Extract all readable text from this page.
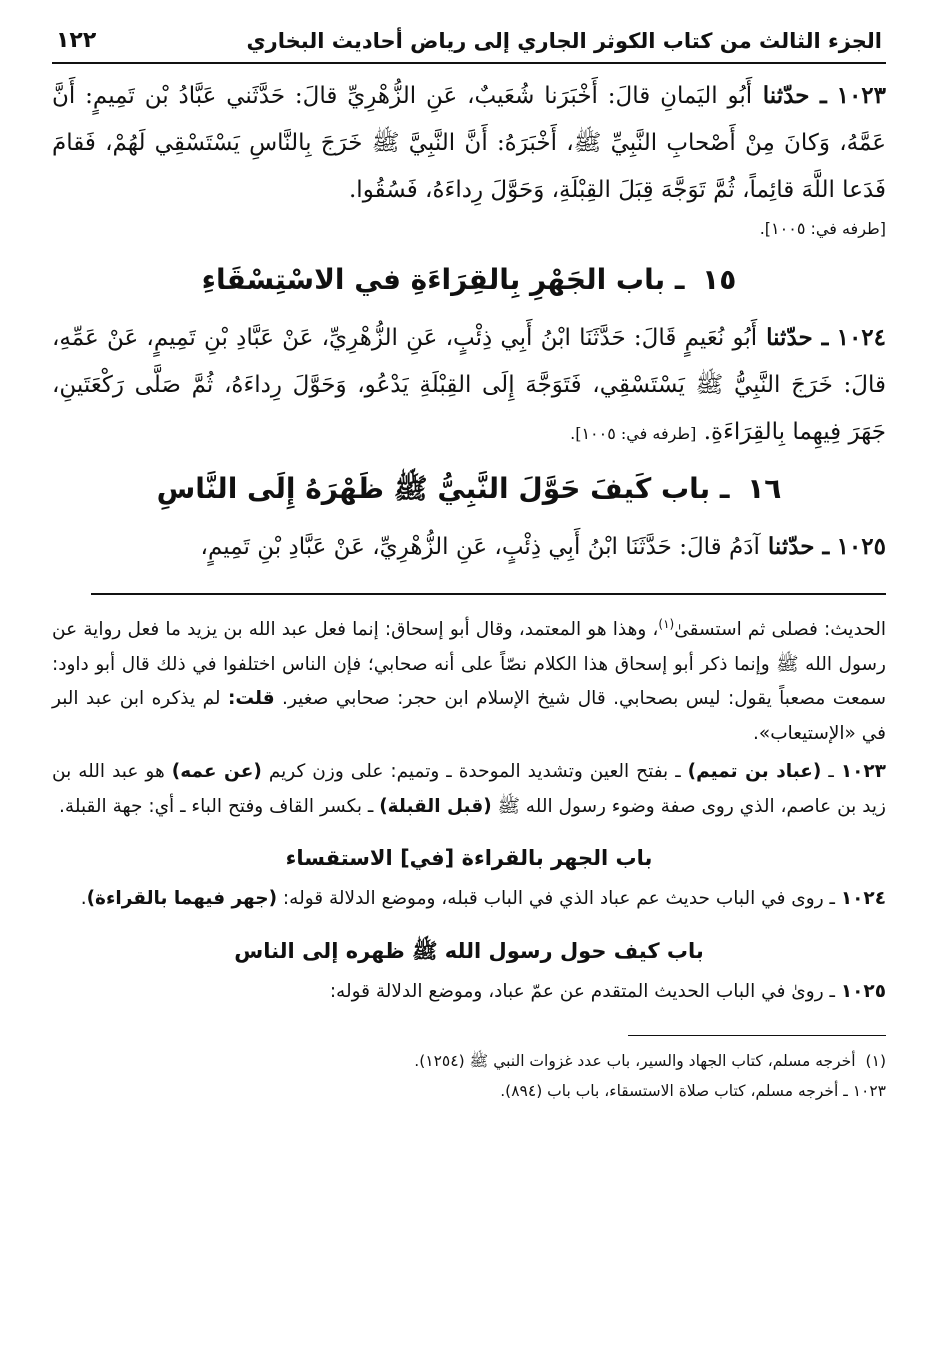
الجزء الثالث من كتاب الكوثر الجاري إلى رياض أحاديث البخاري
١٢٢

١٠٢٣ ـ حدّثنا أَبُو اليَمانِ قالَ: أَخْبَرَنا شُعَيبٌ، عَنِ الزُّهْرِيِّ قالَ: حَدَّثَني عَبَّادُ بْن تَمِيمٍ: أَنَّ عَمَّهُ، وَكانَ مِنْ أَصْحابِ النَّبِيِّ ﷺ، أَخْبَرَهُ: أَنَّ النَّبِيَّ ﷺ خَرَجَ بِالنَّاسِ يَسْتَسْقِي لَهُمْ، فَقامَ فَدَعا اللَّهَ قائِماً، ثُمَّ تَوَجَّهَ قِبَلَ القِبْلَةِ، وَحَوَّلَ رِداءَهُ، فَسُقُوا.

[طرفه في: ١٠٠٥].

١٥ ـ باب الجَهْرِ بِالقِرَاءَةِ في الاسْتِسْقَاءِ

١٠٢٤ ـ حدّثنا أَبُو نُعَيمٍ قَالَ: حَدَّثَنَا ابْنُ أَبِي ذِئْبٍ، عَنِ الزُّهْرِيِّ، عَنْ عَبَّادِ بْنِ تَمِيمٍ، عَنْ عَمِّهِ، قالَ: خَرَجَ النَّبِيُّ ﷺ يَسْتَسْقِي، فَتَوَجَّهَ إِلَى القِبْلَةِ يَدْعُو، وَحَوَّلَ رِداءَهُ، ثُمَّ صَلَّى رَكْعَتَينِ، جَهَرَ فِيهِما بِالقِرَاءَةِ. [طرفه في: ١٠٠٥].

١٦ ـ باب كَيفَ حَوَّلَ النَّبِيُّ ﷺ ظَهْرَهُ إِلَى النَّاسِ

١٠٢٥ ـ حدّثنا آدَمُ قالَ: حَدَّثَنَا ابْنُ أَبِي ذِئْبٍ، عَنِ الزُّهْرِيِّ، عَنْ عَبَّادِ بْنِ تَمِيمٍ،

الحديث: فصلى ثم استسقىٰ$^{(١)}$، وهذا هو المعتمد، وقال أبو إسحاق: إنما فعل عبد الله بن يزيد ما فعل رواية عن رسول الله ﷺ وإنما ذكر أبو إسحاق هذا الكلام نصّاً على أنه صحابي؛ فإن الناس اختلفوا في ذلك قال أبو داود: سمعت مصعباً يقول: ليس بصحابي. قال شيخ الإسلام ابن حجر: صحابي صغير. قلت: لم يذكره ابن عبد البر في «الإستيعاب».

١٠٢٣ ـ (عباد بن تميم) ـ بفتح العين وتشديد الموحدة ـ وتميم: على وزن كريم (عن عمه) هو عبد الله بن زيد بن عاصم، الذي روى صفة وضوء رسول الله ﷺ (قبل القبلة) ـ بكسر القاف وفتح الباء ـ أي: جهة القبلة.

باب الجهر بالقراءة [في] الاستقساء

١٠٢٤ ـ روى في الباب حديث عم عباد الذي في الباب قبله، وموضع الدلالة قوله: (جهر فيهما بالقراءة).

باب كيف حول رسول الله ﷺ ظهره إلى الناس

١٠٢٥ ـ رویٰ في الباب الحديث المتقدم عن عمّ عباد، وموضع الدلالة قوله:

(١)أخرجه مسلم، كتاب الجهاد والسير، باب عدد غزوات النبي ﷺ (١٢٥٤).

١٠٢٣ ـ أخرجه مسلم، كتاب صلاة الاستسقاء، باب باب (٨٩٤).
